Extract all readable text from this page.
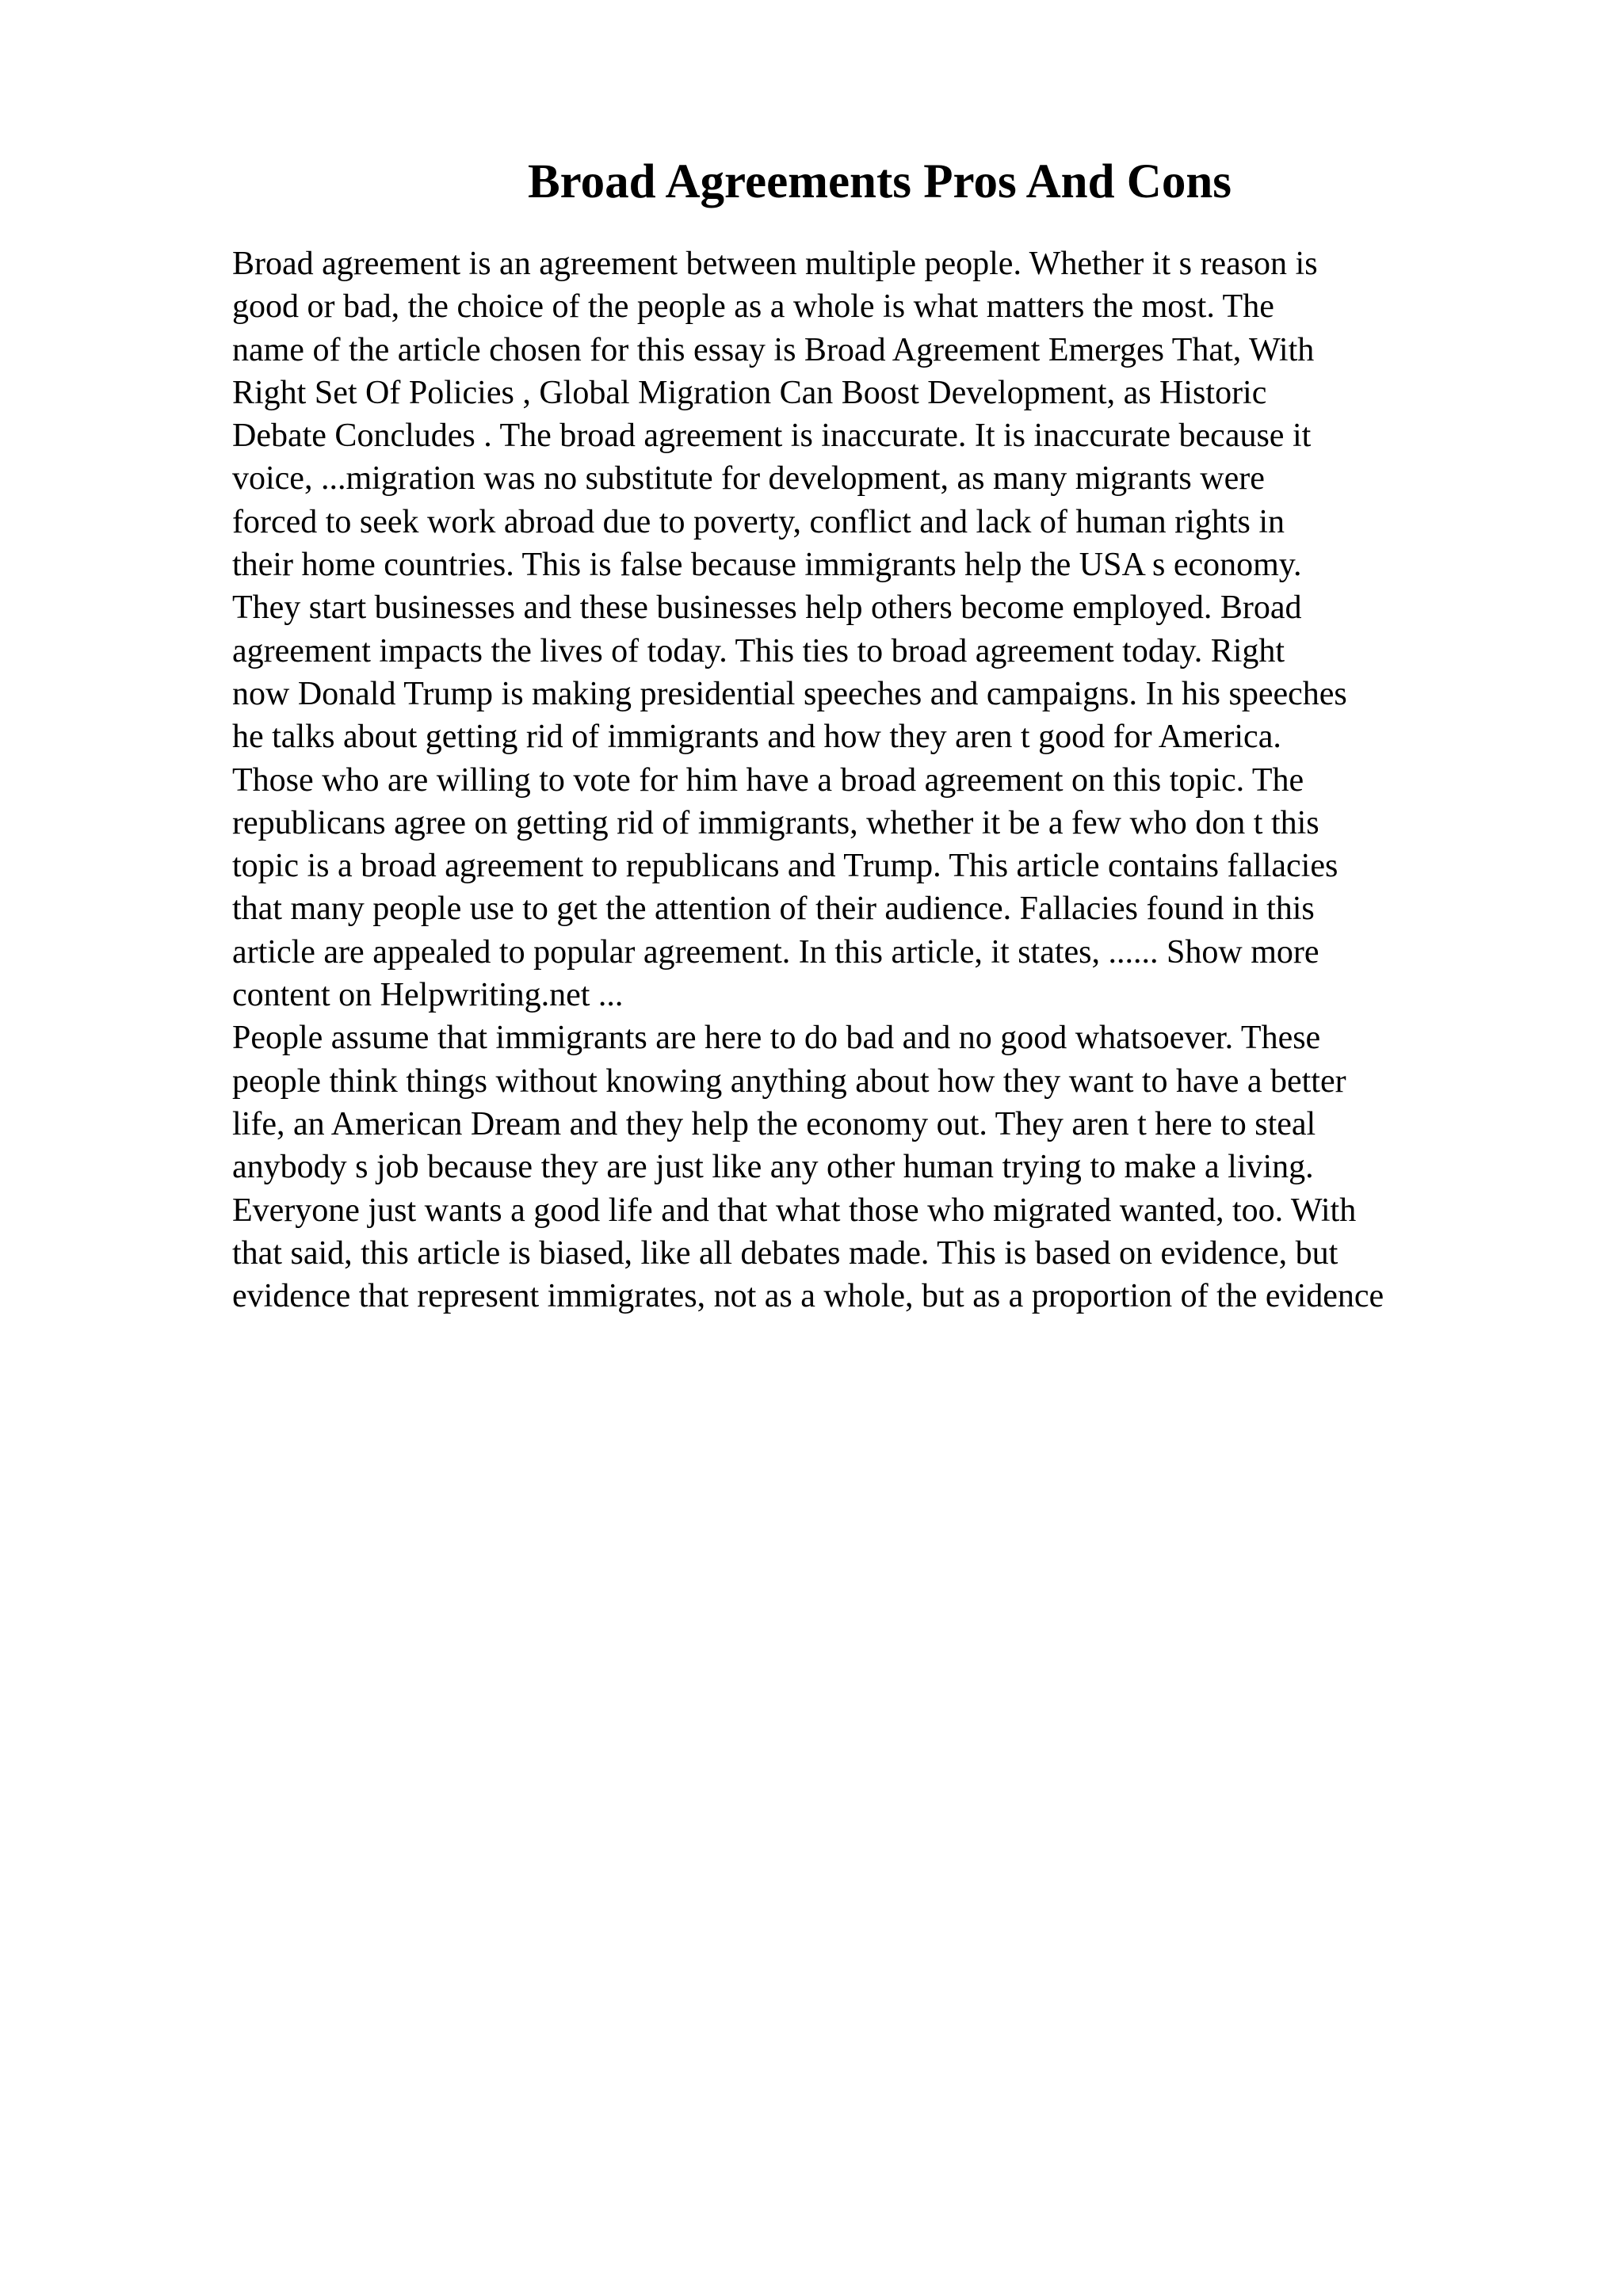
Broad Agreements Pros And Cons
Broad agreement is an agreement between multiple people. Whether it s reason is
good or bad, the choice of the people as a whole is what matters the most. The
name of the article chosen for this essay is Broad Agreement Emerges That, With
Right Set Of Policies , Global Migration Can Boost Development, as Historic
Debate Concludes . The broad agreement is inaccurate. It is inaccurate because it
voice, ...migration was no substitute for development, as many migrants were
forced to seek work abroad due to poverty, conflict and lack of human rights in
their home countries. This is false because immigrants help the USA s economy.
They start businesses and these businesses help others become employed. Broad
agreement impacts the lives of today. This ties to broad agreement today. Right
now Donald Trump is making presidential speeches and campaigns. In his speeches
he talks about getting rid of immigrants and how they aren t good for America.
Those who are willing to vote for him have a broad agreement on this topic. The
republicans agree on getting rid of immigrants, whether it be a few who don t this
topic is a broad agreement to republicans and Trump. This article contains fallacies
that many people use to get the attention of their audience. Fallacies found in this
article are appealed to popular agreement. In this article, it states, ...... Show more
content on Helpwriting.net ...
People assume that immigrants are here to do bad and no good whatsoever. These
people think things without knowing anything about how they want to have a better
life, an American Dream and they help the economy out. They aren t here to steal
anybody s job because they are just like any other human trying to make a living.
Everyone just wants a good life and that what those who migrated wanted, too. With
that said, this article is biased, like all debates made. This is based on evidence, but
evidence that represent immigrates, not as a whole, but as a proportion of the evidence
